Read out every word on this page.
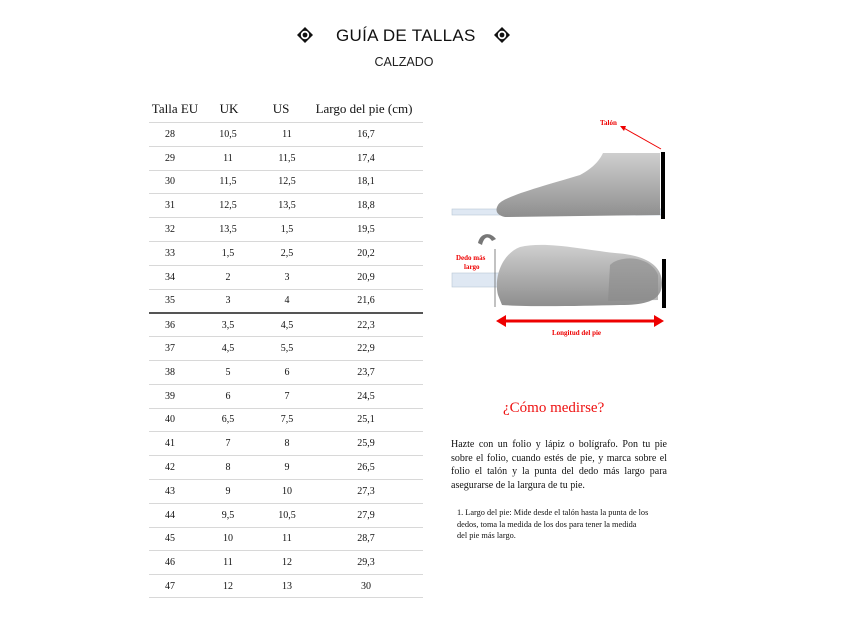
GUÍA DE TALLAS
CALZADO
Talla EU	UK	US	Largo del pie (cm)
28	10,5	11	16,7
29	11	11,5	17,4
30	11,5	12,5	18,1
31	12,5	13,5	18,8
32	13,5	1,5	19,5
33	1,5	2,5	20,2
34	2	3	20,9
35	3	4	21,6
36	3,5	4,5	22,3
37	4,5	5,5	22,9
38	5	6	23,7
39	6	7	24,5
40	6,5	7,5	25,1
41	7	8	25,9
42	8	9	26,5
43	9	10	27,3
44	9,5	10,5	27,9
45	10	11	28,7
46	11	12	29,3
47	12	13	30
Talón
Dedo más
largo
Longitud del pie
¿Cómo medirse?
Hazte con un folio y lápiz o bolígrafo. Pon tu pie sobre el folio, cuando estés de pie, y marca sobre el folio el talón y la punta del dedo más largo para asegurarse de la largura de tu pie.
1. Largo del pie: Mide desde el talón hasta la punta de los
dedos, toma la medida de los dos para tener la medida
del pie más largo.
